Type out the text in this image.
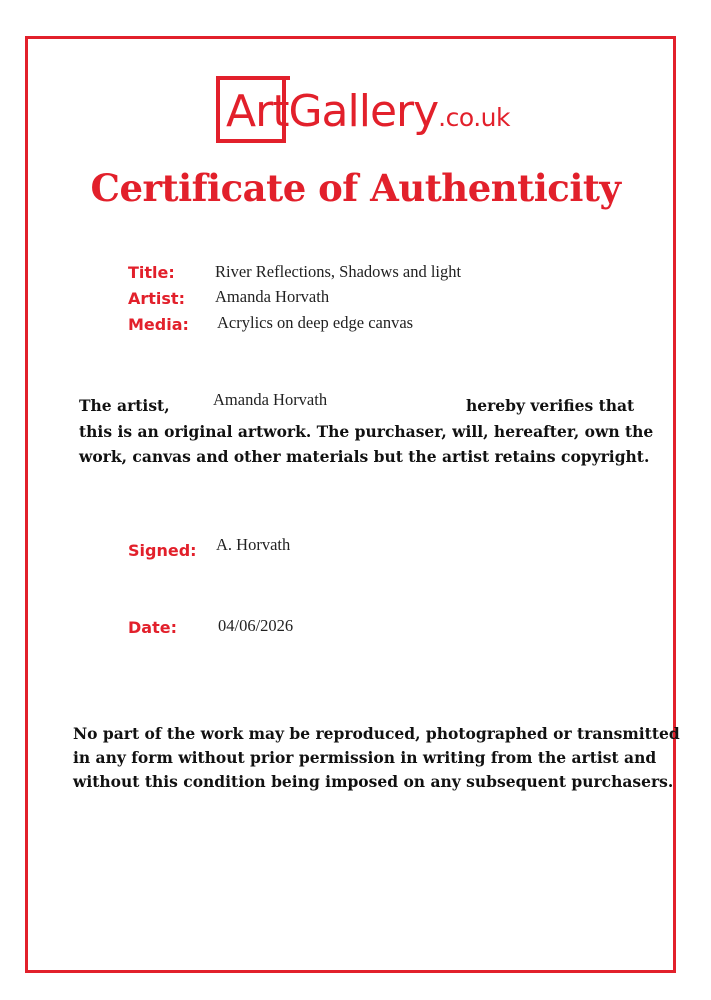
ArtGallery.co.uk
Certificate of Authenticity
Title: River Reflections, Shadows and light
Artist: Amanda Horvath
Media: Acrylics on deep edge canvas
The artist,	Amanda Horvath	hereby verifies that
this is an original artwork. The purchaser, will, hereafter, own the
work, canvas and other materials but the artist retains copyright.
Signed: A. Horvath
Date: 04/06/2026
No part of the work may be reproduced, photographed or transmitted
in any form without prior permission in writing from the artist and
without this condition being imposed on any subsequent purchasers.
